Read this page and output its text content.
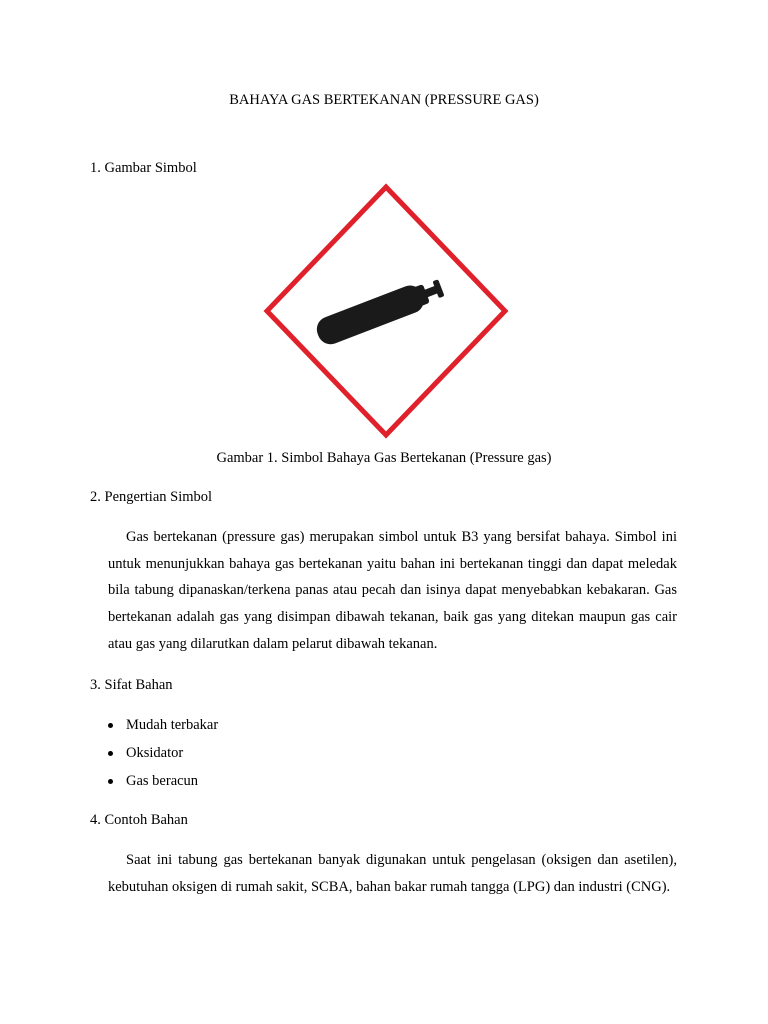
BAHAYA GAS BERTEKANAN (PRESSURE GAS)
1. Gambar Simbol
Gambar 1. Simbol Bahaya Gas Bertekanan (Pressure gas)
2. Pengertian Simbol
Gas bertekanan (pressure gas) merupakan simbol untuk B3 yang bersifat bahaya. Simbol ini untuk menunjukkan bahaya gas bertekanan yaitu bahan ini bertekanan tinggi dan dapat meledak bila tabung dipanaskan/terkena panas atau pecah dan isinya dapat menyebabkan kebakaran. Gas bertekanan adalah gas yang disimpan dibawah tekanan, baik gas yang ditekan maupun gas cair atau gas yang dilarutkan dalam pelarut dibawah tekanan.
3. Sifat Bahan
Mudah terbakar
Oksidator
Gas beracun
4. Contoh Bahan
Saat ini tabung gas bertekanan banyak digunakan untuk pengelasan (oksigen dan asetilen), kebutuhan oksigen di rumah sakit, SCBA, bahan bakar rumah tangga (LPG) dan industri (CNG).
